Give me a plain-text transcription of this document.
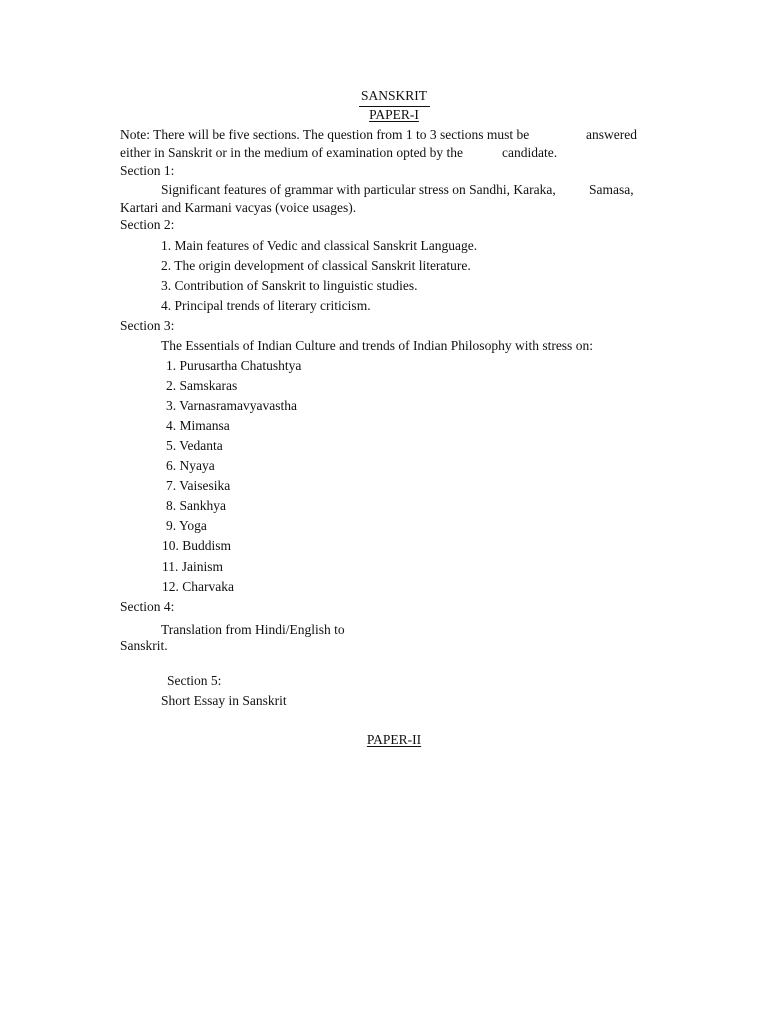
SANSKRIT
PAPER-I
Note: There will be five sections. The question from 1 to 3 sections must be	answered
either in Sanskrit or in the medium of examination opted by the	candidate.
Section 1:
Significant features of grammar with particular stress on Sandhi, Karaka, Samasa,
Kartari and Karmani vacyas (voice usages).
Section 2:
1. Main features of Vedic and classical Sanskrit Language.
2. The origin development of classical Sanskrit literature.
3. Contribution of Sanskrit to linguistic studies.
4. Principal trends of literary criticism.
Section 3:
The Essentials of Indian Culture and trends of Indian Philosophy with stress on:
1. Purusartha Chatushtya
2. Samskaras
3. Varnasramavyavastha
4. Mimansa
5. Vedanta
6. Nyaya
7. Vaisesika
8. Sankhya
9. Yoga
10. Buddism
11. Jainism
12. Charvaka
Section 4:
Translation from Hindi/English to
Sanskrit.
Section 5:
Short Essay in Sanskrit
PAPER-II
